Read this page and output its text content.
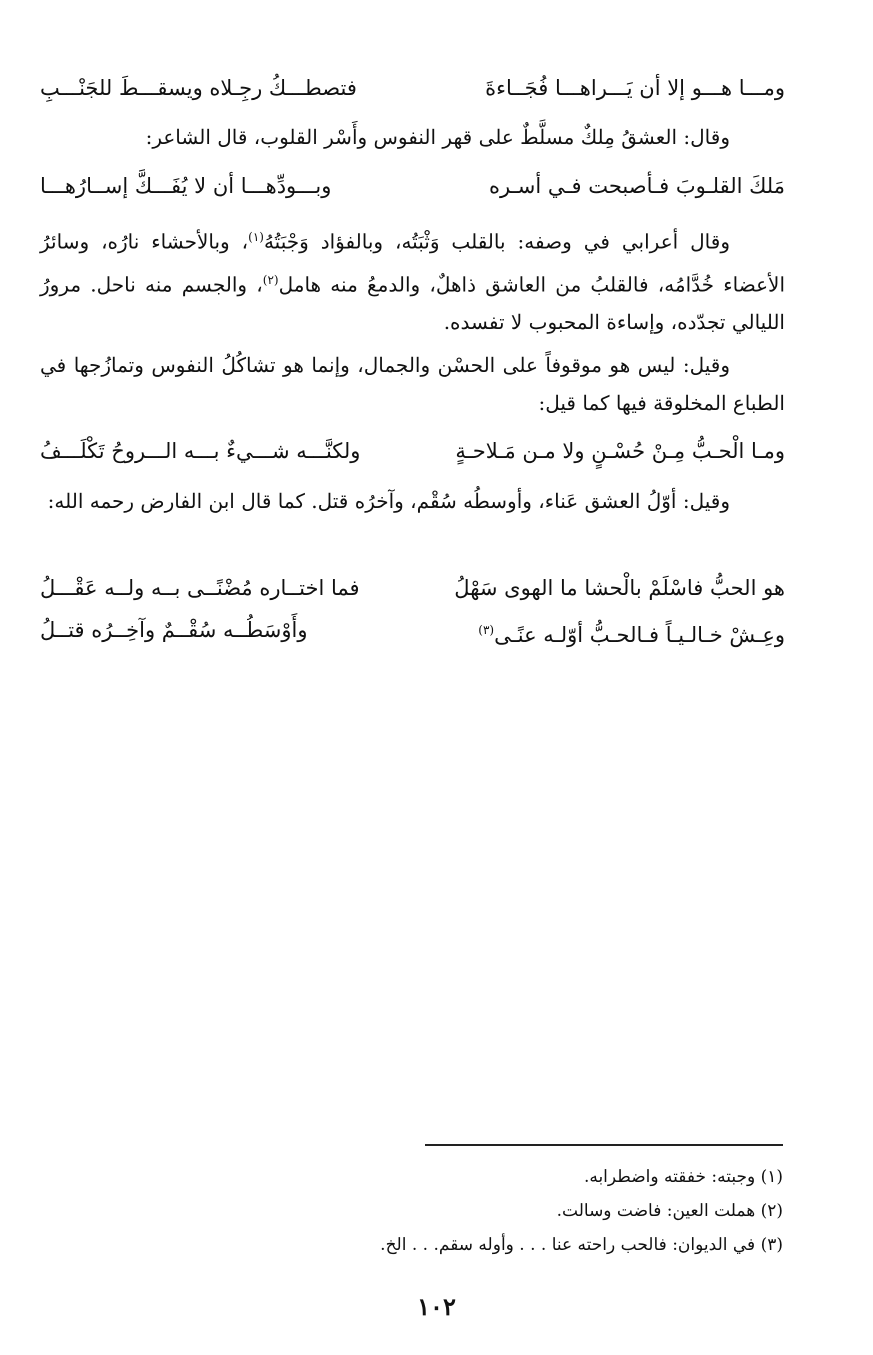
ومـــا هـــو إلا أن يَـــراهـــا فُجَــاءةَ
فتصطـــكُ رجِـلاه ويسقـــطَ للجَنْـــبِ

وقال: العشقُ مِلكٌ مسلَّطٌ على قهر النفوس وأَسْر القلوب، قال الشاعر:

مَلكَ القلـوبَ فـأصبحت فـي أسـره
وبـــودِّهـــا أن لا يُفَـــكَّ إســارُهـــا

وقال أعرابي في وصفه: بالقلب وَثْبَتُه، وبالفؤاد وَجْبَتُهُ$^{(١)}$، وبالأحشاء نارُه، وسائرُ الأعضاء خُدَّامُه، فالقلبُ من العاشق ذاهلٌ، والدمعُ منه هامل$^{(٢)}$، والجسم منه ناحل. مرورُ الليالي تجدّده، وإساءة المحبوب لا تفسده.

وقيل: ليس هو موقوفاً على الحسْن والجمال، وإنما هو تشاكُلُ النفوس وتمازُجها في الطباع المخلوقة فيها كما قيل:

ومـا الْحـبُّ مِـنْ حُسْـنٍ ولا مـن مَـلاحـةٍ
ولكنَّـــه شـــيءٌ بـــه الـــروحُ تَكْلَـــفُ

وقيل: أوّلُ العشق عَناء، وأوسطُه سُقْم، وآخرُه قتل. كما قال ابن الفارض رحمه الله:

هو الحبُّ فاسْلَمْ بالْحشا ما الهوى سَهْلُ
فما اختــاره مُضْنًــى بــه ولــه عَقْـــلُ
وعِـشْ خـالـيـاً فـالحـبُّ أوّلـه عنًـى$^{(٣)}$
وأَوْسَطُــه سُقْــمٌ وآخِــرُه قتــلُ
(١) وجبته: خفقته واضطرابه.
(٢) هملت العين: فاضت وسالت.
(٣) في الديوان: فالحب راحته عنا . . . وأوله سقم. . . الخ.
١٠٢
